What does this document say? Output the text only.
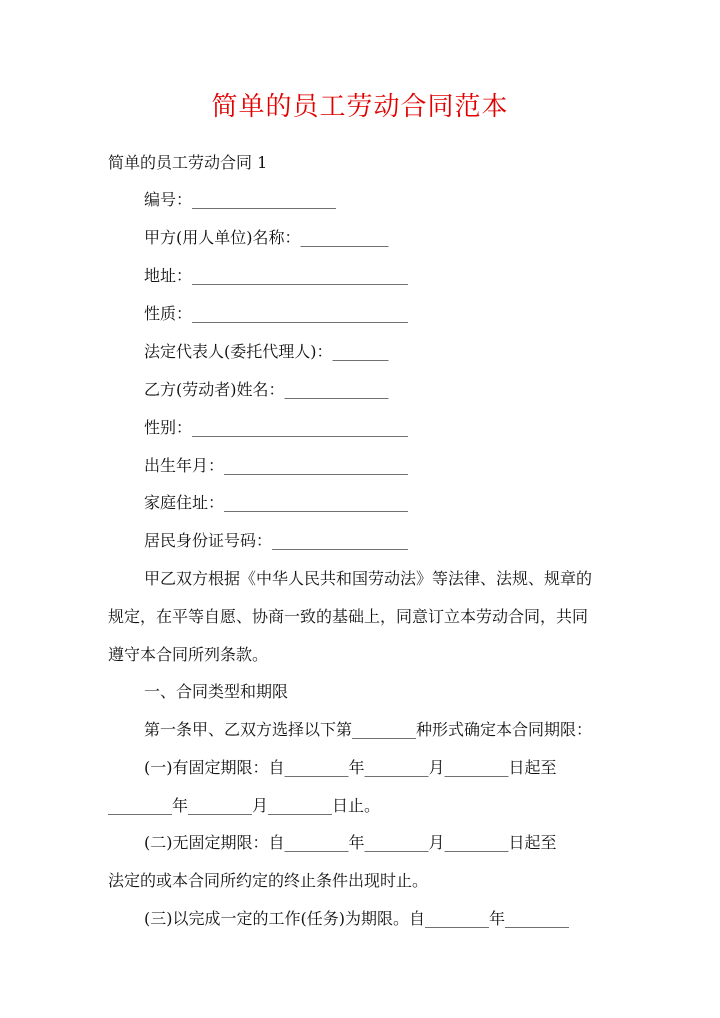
简单的员工劳动合同范本
简单的员工劳动合同 1
编号：__________________
甲方(用人单位)名称：___________
地址：___________________________
性质：___________________________
法定代表人(委托代理人)：_______
乙方(劳动者)姓名：_____________
性别：___________________________
出生年月：_______________________
家庭住址：_______________________
居民身份证号码：_________________
甲乙双方根据《中华人民共和国劳动法》等法律、法规、规章的
规定，在平等自愿、协商一致的基础上，同意订立本劳动合同，共同
遵守本合同所列条款。
一、合同类型和期限
第一条甲、乙双方选择以下第________种形式确定本合同期限：
(一)有固定期限：自________年________月________日起至
________年________月________日止。
(二)无固定期限：自________年________月________日起至
法定的或本合同所约定的终止条件出现时止。
(三)以完成一定的工作(任务)为期限。自________年________
